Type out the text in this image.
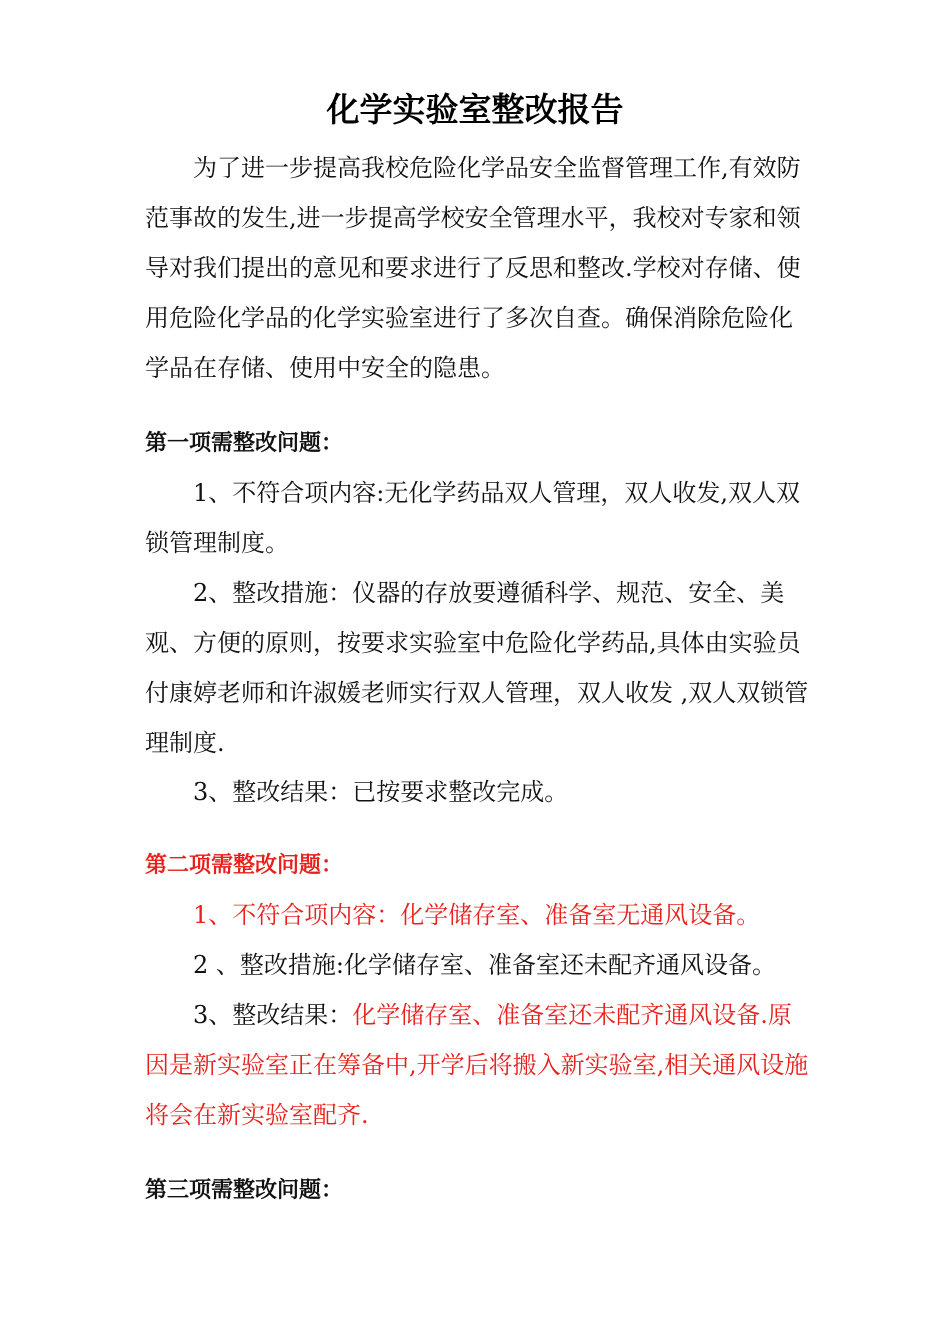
化学实验室整改报告

为了进一步提高我校危险化学品安全监督管理工作,有效防范事故的发生,进一步提高学校安全管理水平，我校对专家和领导对我们提出的意见和要求进行了反思和整改.学校对存储、使用危险化学品的化学实验室进行了多次自查。确保消除危险化学品在存储、使用中安全的隐患。

第一项需整改问题：

1、不符合项内容:无化学药品双人管理，双人收发,双人双锁管理制度。

2、整改措施：仪器的存放要遵循科学、规范、安全、美观、方便的原则，按要求实验室中危险化学药品,具体由实验员付康婷老师和许淑媛老师实行双人管理，双人收发 ,双人双锁管理制度.

3、整改结果：已按要求整改完成。

第二项需整改问题：

1、不符合项内容：化学储存室、准备室无通风设备。

2 、整改措施:化学储存室、准备室还未配齐通风设备。

3、整改结果：化学储存室、准备室还未配齐通风设备.原因是新实验室正在筹备中,开学后将搬入新实验室,相关通风设施将会在新实验室配齐.

第三项需整改问题：
